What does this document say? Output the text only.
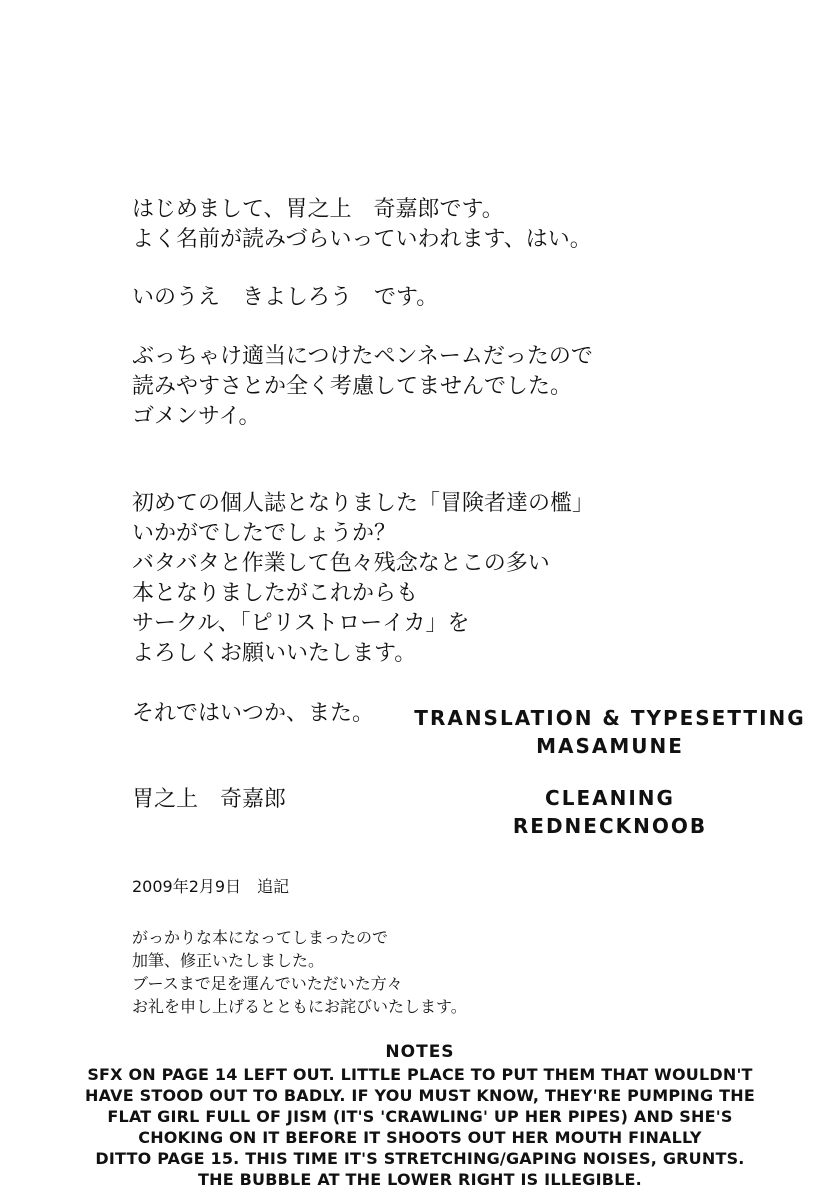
はじめまして、胃之上　奇嘉郎です。
よく名前が読みづらいっていわれます、はい。
いのうえ　きよしろう　です。
ぶっちゃけ適当につけたペンネームだったので
読みやすさとか全く考慮してませんでした。
ゴメンサイ。
初めての個人誌となりました「冒険者達の檻」
いかがでしたでしょうか？
バタバタと作業して色々残念なとこの多い
本となりましたがこれからも
サークル、「ピリストローイカ」を
よろしくお願いいたします。
それではいつか、また。
胃之上　奇嘉郎
TRANSLATION & TYPESETTING
MASAMUNE
CLEANING
REDNECKNOOB
2009年2月9日　追記
がっかりな本になってしまったので
加筆、修正いたしました。
ブースまで足を運んでいただいた方々
お礼を申し上げるとともにお詫びいたします。
NOTES
SFX ON PAGE 14 LEFT OUT. LITTLE PLACE TO PUT THEM THAT WOULDN'T
HAVE STOOD OUT TO BADLY. IF YOU MUST KNOW, THEY'RE PUMPING THE
FLAT GIRL FULL OF JISM (IT'S 'CRAWLING' UP HER PIPES) AND SHE'S
CHOKING ON IT BEFORE IT SHOOTS OUT HER MOUTH FINALLY
DITTO PAGE 15. THIS TIME IT'S STRETCHING/GAPING NOISES, GRUNTS.
THE BUBBLE AT THE LOWER RIGHT IS ILLEGIBLE.
